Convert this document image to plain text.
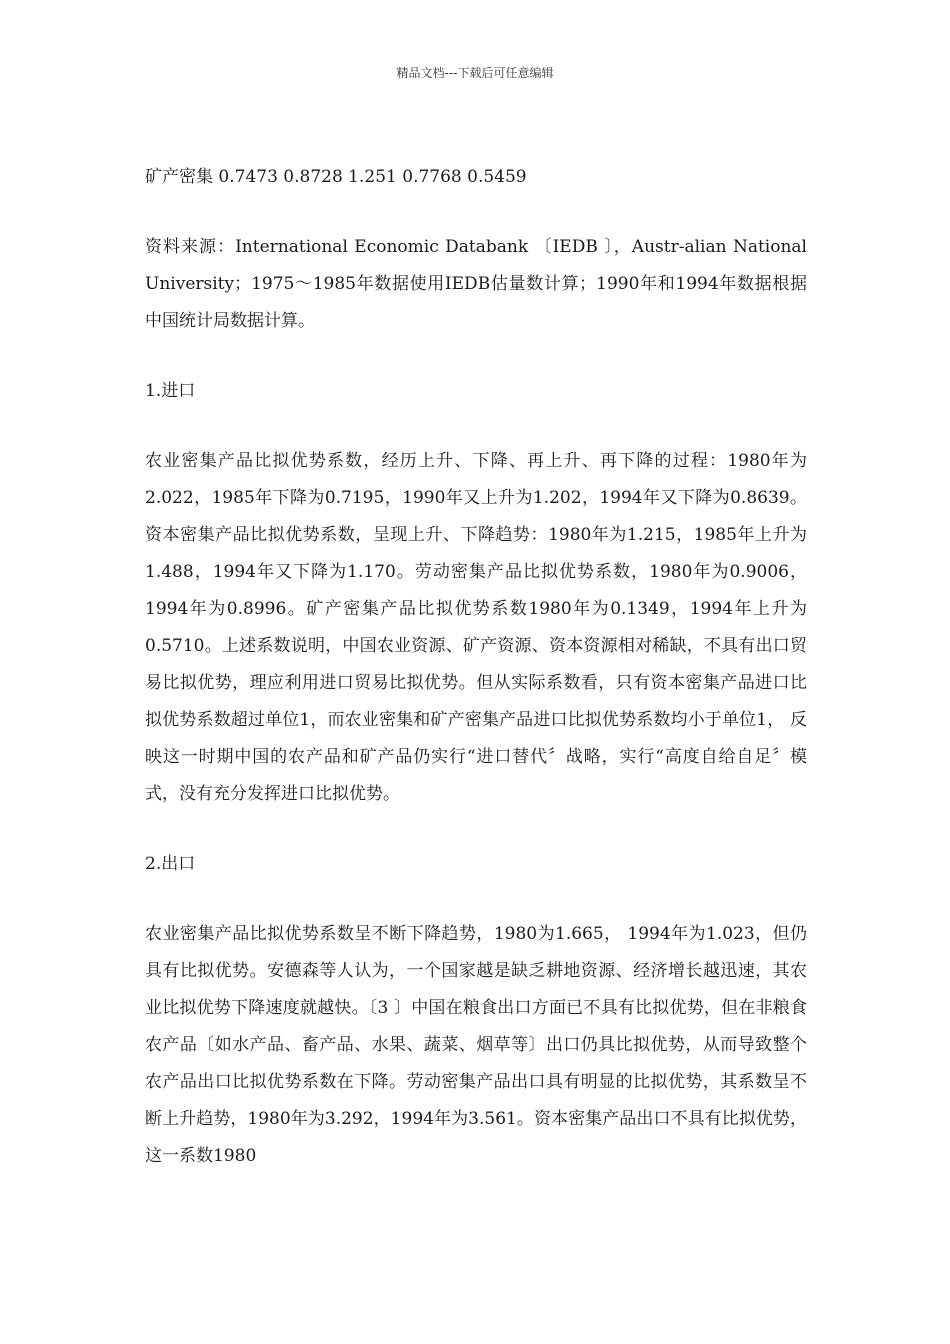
精品文档---下载后可任意编辑

矿产密集 0.7473 0.8728 1.251 0.7768 0.5459

资料来源：International Economic Databank 〔IEDB 〕，Austr-alian National University；1975～1985年数据使用IEDB估量数计算；1990年和1994年数据根据中国统计局数据计算。

1.进口

农业密集产品比拟优势系数，经历上升、下降、再上升、再下降的过程：1980年为2.022，1985年下降为0.7195，1990年又上升为1.202，1994年又下降为0.8639。资本密集产品比拟优势系数，呈现上升、下降趋势：1980年为1.215，1985年上升为1.488，1994年又下降为1.170。劳动密集产品比拟优势系数，1980年为0.9006，1994年为0.8996。矿产密集产品比拟优势系数1980年为0.1349，1994年上升为0.5710。上述系数说明，中国农业资源、矿产资源、资本资源相对稀缺，不具有出口贸易比拟优势，理应利用进口贸易比拟优势。但从实际系数看，只有资本密集产品进口比拟优势系数超过单位1，而农业密集和矿产密集产品进口比拟优势系数均小于单位1， 反映这一时期中国的农产品和矿产品仍实行“进口替代〞战略，实行“高度自给自足〞模式，没有充分发挥进口比拟优势。

2.出口

农业密集产品比拟优势系数呈不断下降趋势，1980为1.665， 1994年为1.023，但仍具有比拟优势。安德森等人认为，一个国家越是缺乏耕地资源、经济增长越迅速，其农业比拟优势下降速度就越快。〔3 〕中国在粮食出口方面已不具有比拟优势，但在非粮食农产品〔如水产品、畜产品、水果、蔬菜、烟草等〕出口仍具比拟优势，从而导致整个农产品出口比拟优势系数在下降。劳动密集产品出口具有明显的比拟优势，其系数呈不断上升趋势，1980年为3.292，1994年为3.561。资本密集产品出口不具有比拟优势，这一系数1980
